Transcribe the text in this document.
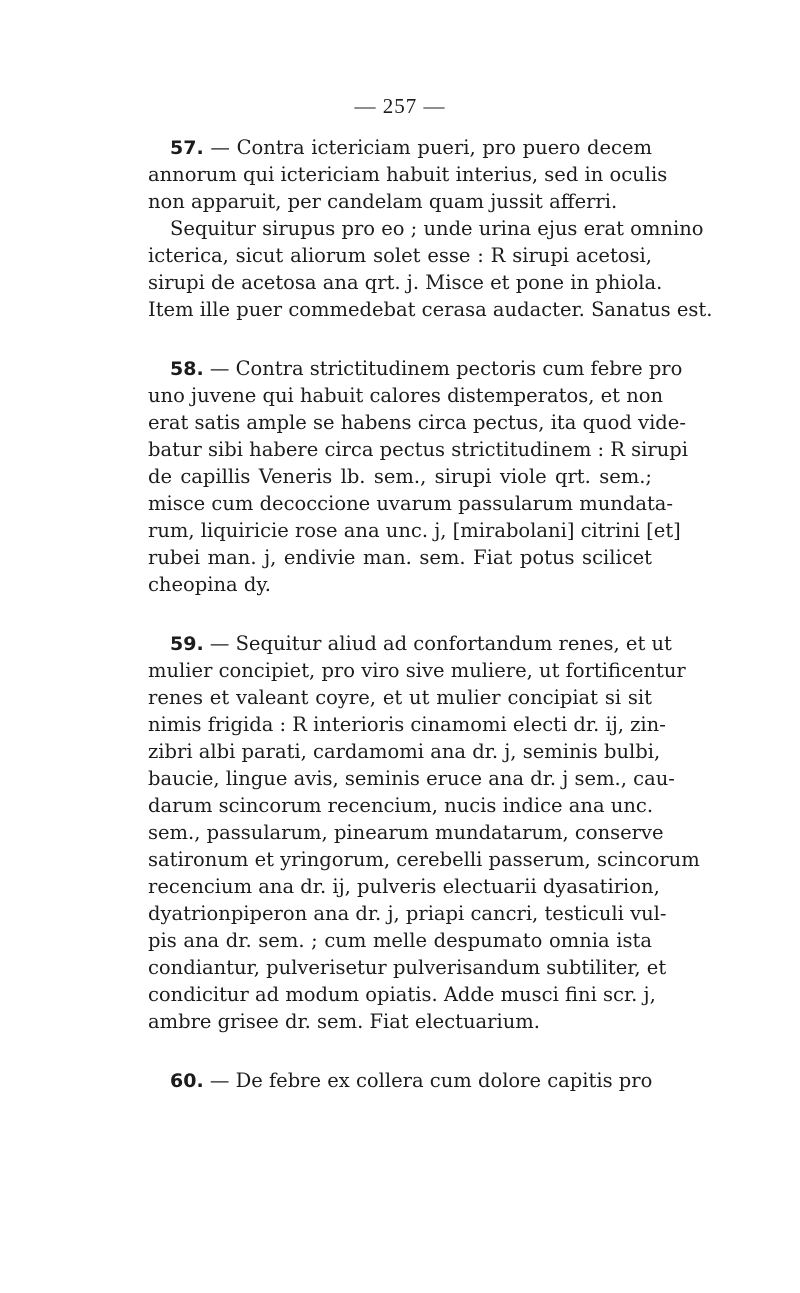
— 257 —
57. — Contra ictericiam pueri, pro puero decem
annorum qui ictericiam habuit interius, sed in oculis
non apparuit, per candelam quam jussit afferri.
Sequitur sirupus pro eo ; unde urina ejus erat omnino
icterica, sicut aliorum solet esse : R sirupi acetosi,
sirupi de acetosa ana qrt. j. Misce et pone in phiola.
Item ille puer commedebat cerasa audacter. Sanatus est.
58. — Contra strictitudinem pectoris cum febre pro
uno juvene qui habuit calores distemperatos, et non
erat satis ample se habens circa pectus, ita quod vide-
batur sibi habere circa pectus strictitudinem : R sirupi
de capillis Veneris lb. sem., sirupi viole qrt. sem.;
misce cum decoccione uvarum passularum mundata-
rum, liquiricie rose ana unc. j, [mirabolani] citrini [et]
rubei man. j, endivie man. sem. Fiat potus scilicet
cheopina dy.
59. — Sequitur aliud ad confortandum renes, et ut
mulier concipiet, pro viro sive muliere, ut fortificentur
renes et valeant coyre, et ut mulier concipiat si sit
nimis frigida : R interioris cinamomi electi dr. ij, zin-
zibri albi parati, cardamomi ana dr. j, seminis bulbi,
baucie, lingue avis, seminis eruce ana dr. j sem., cau-
darum scincorum recencium, nucis indice ana unc.
sem., passularum, pinearum mundatarum, conserve
satironum et yringorum, cerebelli passerum, scincorum
recencium ana dr. ij, pulveris electuarii dyasatirion,
dyatrionpiperon ana dr. j, priapi cancri, testiculi vul-
pis ana dr. sem. ; cum melle despumato omnia ista
condiantur, pulverisetur pulverisandum subtiliter, et
condicitur ad modum opiatis. Adde musci fini scr. j,
ambre grisee dr. sem. Fiat electuarium.
60. — De febre ex collera cum dolore capitis pro
